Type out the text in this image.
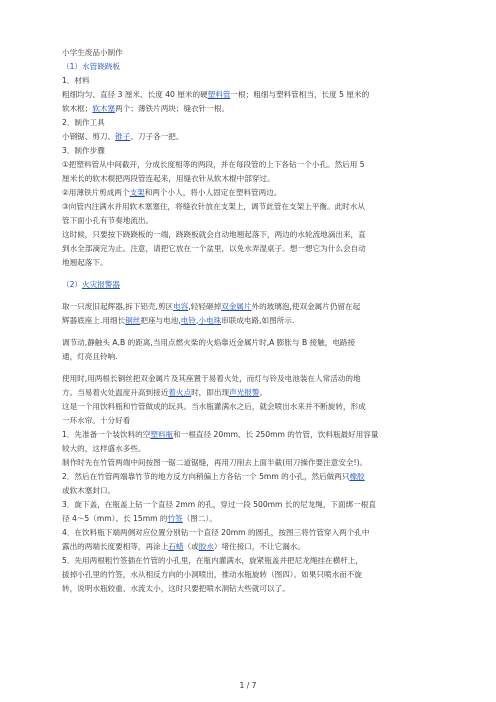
小学生废品小制作

（1）水管跷跷板

1．材料

粗细均匀、直径 3 厘米、长度 40 厘米的硬塑料管一根；粗细与塑料管相当，长度 5 厘米的

软木框；软木塞两个；薄铁片两块；缝衣针一根。

2．制作工具

小钢锯、剪刀、锥子、刀子各一把。

3．制作步骤

①把塑料管从中间截开，分成长度相等的两段，并在每段管的上下各钻一个小孔。然后用 5

厘米长的软木棍把两段管连起来，用缝衣针从软木棍中部穿过。

②用薄铁片剪成两个支架和两个小人，将小人固定在塑料管两边。

③向管内注满水并用软木塞塞住，将缝衣针放在支架上，调节此管在支架上平衡。此时水从

管下面小孔有节奏地流出。

这时候，只要按下跷跷板的一端，跷跷板就会自动地翘起落下，两边的水轮流地滴出来，直

到水全部滴完为止。注意，请把它放在一个盆里，以免水弄湿桌子。想一想它为什么会自动

地翘起落下。

（2）火灾报警器

取一只废旧起辉器,拆下铝壳,剪区电容,轻轻砸掉双金属片外的玻璃泡,使双金属片仍留在起

辉器底座上.用细长铜丝把座与电池,电铃,小电珠串联成电路,如图所示.

调节动,静触头 A,B 的距离,当用点燃火柴的火焰靠近金属片时,A 膨胀与 B 接触，电路接

通，灯亮且铃响.

使用时,用两根长铜丝把双金属片及其座置于易着火处，而灯与铃及电池装在人常活动的地

方。当易着火处温度升高到接近着火点时，即出现声光报警。

这是一个用饮料瓶和竹管做成的玩具。当水瓶灌满水之后，就会喷出水来并不断旋转，形成

一环水帘。十分好看

1．先准备一个装饮料的空塑料瓶和一根直径 20mm、长 250mm 的竹管，饮料瓶最好用容量

较大的，这样盛水多些。

制作时先在竹管两端中间按图一锯二道锯缝，再用刀削去上面半截(用刀操作要注意安全!)。

2．然后在竹管两端靠竹节的地方反方向稍偏上方各钻一个 5mm 的小孔，然后做两只橡胶

或软木塞封口。

3．旋下盖，在瓶盖上钻一个直径 2mm 的孔，穿过一段 500mm 长的尼龙绳，下面绑一根直

径 4～5（mm）、长 15mm 的竹签（图二）。

4．在饮料瓶下端两侧对应位置分别钻一个直径 20mm 的圆孔，按图三将竹管穿入两个孔中

露出的两端长度要相等，再涂上石蜡（或胶水）堵住接口，不让它漏水。

5．先用两根粗竹签插在竹管的小孔里，在瓶内灌满水，旋紧瓶盖并把尼龙绳挂在横杆上，

拔掉小孔里的竹签，水从相反方向的小洞喷出，推动水瓶旋转（图四）。如果只喷水而不旋

转，说明水瓶较重、水流太小，这时只要把喷水洞钻大些就可以了。

1 / 7
